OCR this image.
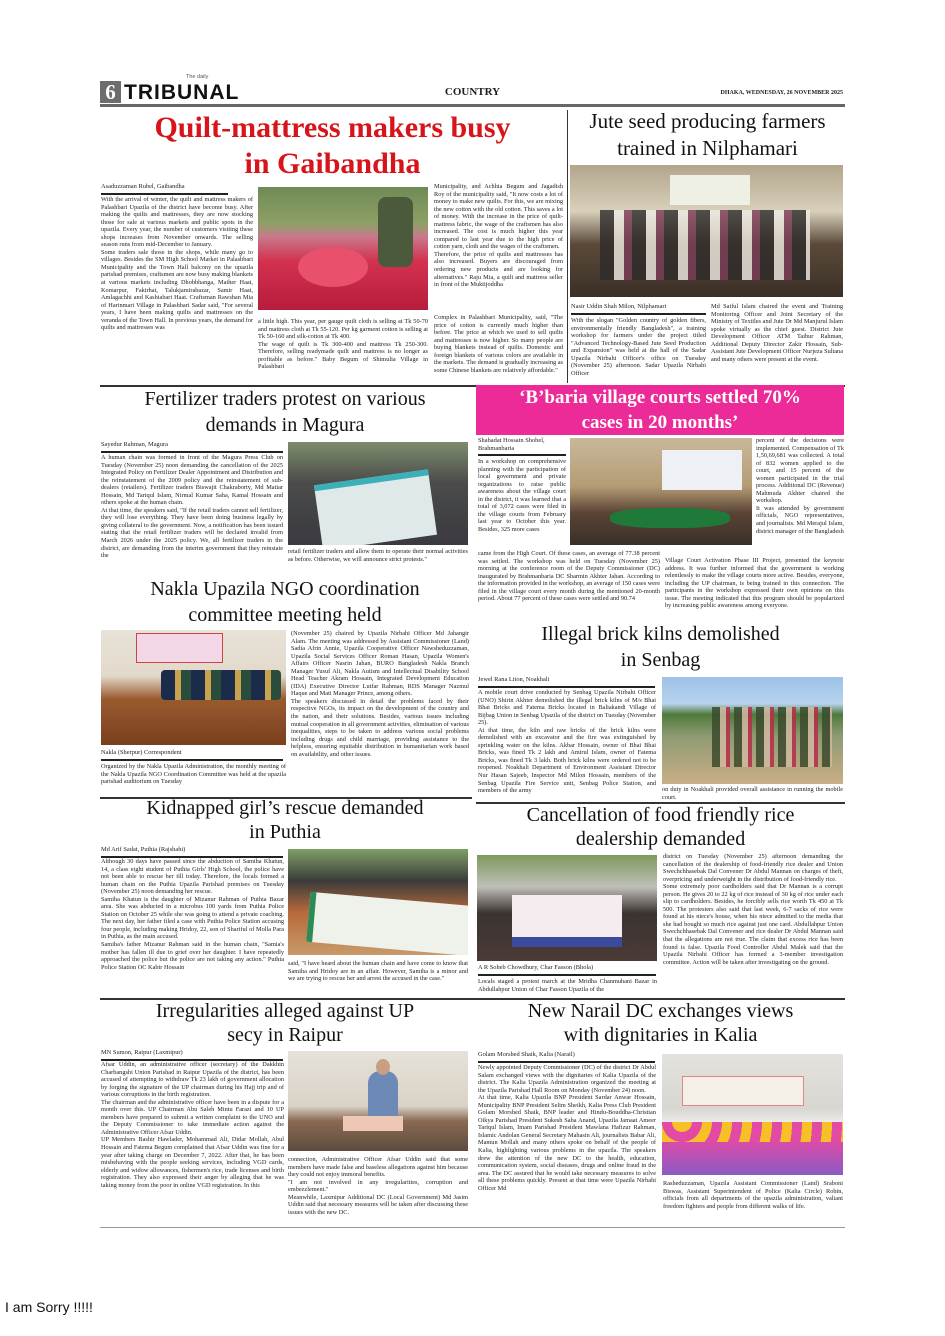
6
The daily
TRIBUNAL	COUNTRY	DHAKA, WEDNESDAY, 26 NOVEMBER 2025
Quilt-mattress makers busy
in Gaibandha
Asaduzzaman Rubel, Gaibandha
With the arrival of winter, the quilt and mattress makers of Palashbari Upazila of the district have become busy. After making the quilts and mattresses, they are now stocking those for sale at various markets and public spots in the upazila. Every year, the number of customers visiting these shops increases from November onwards. The selling season runs from mid-December to January.
Some traders sale those in the shops, while many go to villages. Besides the SM High School Market in Palashbari Municipality and the Town Hall balcony on the upazila parishad premises, craftsmen are now busy making blankets at various markets including Dhobbhanga, Mather Haat, Komarpur, Fakirhat, Talukjamirabazar, Samir Haat, Amlagachhi and Kashiabari Haat. Craftsman Rawshan Mia of Harinmari Village in Palashbari Sadar said, "For several years, I have been making quilts and mattresses on the veranda of the Town Hall. In previous years, the demand for quilts and mattresses was
Municipality, and Achhia Begum and Jagadish Roy of the municipality said, "It now costs a lot of money to make new quilts. For this, we are mixing the new cotton with the old cotton. This saves a lot of money. With the increase in the price of quilt-mattress fabric, the wage of the craftsmen has also increased. The cost is much higher this year compared to last year due to the high price of cotton yarn, cloth and the wages of the craftsmen.
Therefore, the price of quilts and mattresses has also increased. Buyers are discouraged from ordering new products and are looking for alternatives." Raju Mia, a quilt and mattress seller in front of the Muktijoddha
a little high. This year, per gauge quilt cloth is selling at Tk 50-70 and mattress cloth at Tk 55-120. Per kg garment cotton is selling at Tk 50-160 and silk-cotton at Tk 400.
The wage of quilt is Tk 300-400 and mattress Tk 250-300. Therefore, selling readymade quilt and mattress is no longer as profitable as before." Baby Begum of Shimulia Village in Palashbari
Complex in Palashbari Municipality, said, "The price of cotton is currently much higher than before. The price at which we used to sell quilts and mattresses is now higher. So many people are buying blankets instead of quilts. Domestic and foreign blankets of various colors are available in the markets. The demand is gradually increasing as some Chinese blankets are relatively affordable."
Jute seed producing farmers
trained in Nilphamari
Nasir Uddin Shah Milon, Nilphamari
With the slogan "Golden country of golden fibers, environmentally friendly Bangladesh", a training workshop for farmers under the project titled "Advanced Technology-Based Jute Seed Production and Expansion" was held at the hall of the Sadar Upazila Nirbahi Officer's office on Tuesday (November 25) afternoon. Sadar Upazila Nirbahi Officer
Md Saiful Islam chaired the event and Training Monitoring Officer and Joint Secretary of the Ministry of Textiles and Jute Dr Md Manjurul Islam spoke virtually as the chief guest. District Jute Development Officer ATM Taibur Rahman, Additional Deputy Director Zakir Hossain, Sub-Assistant Jute Development Officer Nurjeza Sultana and many others were present at the event.
Fertilizer traders protest on various
demands in Magura
Sayedur Rahman, Magura
A human chain was formed in front of the Magura Press Club on Tuesday (November 25) noon demanding the cancellation of the 2025 Integrated Policy on Fertilizer Dealer Appointment and Distribution and the reinstatement of the 2009 policy and the reinstatement of sub-dealers (retailers). Fertilizer traders Biswajit Chakraborty, Md Matiar Hossain, Md Tariqul Islam, Nirmal Kumar Saha, Kamal Hossain and others spoke at the human chain.
At that time, the speakers said, "If the retail traders cannot sell fertilizer, they will lose everything. They have been doing business legally by giving collateral to the government. Now, a notification has been issued stating that the retail fertilizer traders will be declared invalid from March 2026 under the 2025 policy. We, all fertilizer traders in the district, are demanding from the interim government that they reinstate the
retail fertilizer traders and allow them to operate their normal activities as before. Otherwise, we will announce strict protests."
‘B’baria village courts settled 70%
cases in 20 months’
Shahadat Hossain Shohel,
Brahmanbaria
In a workshop on comprehensive planning with the participation of local government and private organizations to raise public awareness about the village court in the district, it was learned that a total of 3,072 cases were filed in the village courts from February last year to October this year. Besides, 325 more cases
percent of the decisions were implemented. Compensation of Tk 1,50,69,681 was collected. A total of 832 women applied to the court, and 15 percent of the women participated in the trial process. Additional DC (Revenue) Mahmuda Akhter chaired the workshop.
It was attended by government officials, NGO representatives, and journalists. Md Merajul Islam, district manager of the Bangladesh
came from the High Court. Of these cases, an average of 77.38 percent was settled. The workshop was held on Tuesday (November 25) morning at the conference room of the Deputy Commissioner (DC) inaugurated by Brahmanbaria DC Sharmin Akhter Jahan. According to the information provided in the workshop, an average of 150 cases were filed in the village court every month during the mentioned 20-month period. About 77 percent of these cases were settled and 90.74
Village Court Activation Phase III Project, presented the keynote address. It was further informed that the government is working relentlessly to make the village courts more active. Besides, everyone, including the UP chairman, is being trained in this connection. The participants in the workshop expressed their own opinions on this issue. The meeting indicated that this program should be popularized by increasing public awareness among everyone.
Nakla Upazila NGO coordination
committee meeting held
Nakla (Sherpur) Correspondent
Organized by the Nakla Upazila Administration, the monthly meeting of the Nakla Upazila NGO Coordination Committee was held at the upazila parishad auditorium on Tuesday
(November 25) chaired by Upazila Nirbahi Officer Md Jahangir Alam. The meeting was addressed by Assistant Commissioner (Land) Sadia Afrin Annie, Upazila Cooperative Officer Nawsheduzzaman, Upazila Social Services Officer Roman Hasan, Upazila Women's Affairs Officer Nasrin Jahan, BURO Bangladesh Nakla Branch Manager Yusuf Ali, Nakla Autism and Intellectual Disability School Head Teacher Akram Hossain, Integrated Development Education (IDA) Executive Director Lutfar Rahman, RDS Manager Nazmul Haque and Mati Manager Prince, among others.
The speakers discussed in detail the problems faced by their respective NGOs, its impact on the development of the country and the nation, and their solutions. Besides, various issues including mutual cooperation in all government activities, elimination of various inequalities, steps to be taken to address various social problems including drugs and child marriage, providing assistance to the helpless, ensuring equitable distribution in humanitarian work based on availability, and other issues.
Illegal brick kilns demolished
in Senbag
Jewel Rana Liton, Noakhali
A mobile court drive conducted by Senbag Upazila Nirbahi Officer (UNO) Shirin Akhter demolished the illegal brick kilns of M/s Bhai Bhai Bricks and Fatema Bricks located in Baliakandi Village of Bijbag Union in Senbag Upazila of the district on Tuesday (November 25).
At that time, the kiln and raw bricks of the brick kilns were demolished with an excavator and the fire was extinguished by sprinkling water on the kilns. Akbar Hossain, owner of Bhai Bhai Bricks, was fined Tk 2 lakh and Amirul Islam, owner of Fatema Bricks, was fined Tk 3 lakh. Both brick kilns were ordered not to be reopened. Noakhali Department of Environment Assistant Director Nur Hasan Sajeeb, Inspector Md Milon Hossain, members of the Senbag Upazila Fire Service unit, Senbag Police Station, and members of the army	on duty in Noakhali provided overall assistance in running the mobile court.
Kidnapped girl’s rescue demanded
in Puthia
Md Arif Sadat, Puthia (Rajshahi)
Although 30 days have passed since the abduction of Samiha Khatun, 14, a class eight student of Puthia Girls' High School, the police have not been able to rescue her till today. Therefore, the locals formed a human chain on the Puthia Upazila Parishad premises on Tuesday (November 25) noon demanding her rescue.
Samiha Khatun is the daughter of Mizanur Rahman of Puthia Bazar area. She was abducted in a microbus 100 yards from Puthia Police Station on October 25 while she was going to attend a private coaching. The next day, her father filed a case with Puthia Police Station accusing four people, including making Hridoy, 22, son of Shariful of Molla Para in Puthia, as the main accused.
Samiha's father Mizanur Rahman said in the human chain, "Samia's mother has fallen ill due to grief over her daughter. I have repeatedly approached the police but the police are not taking any action." Puthia Police Station OC Kabir Hossain
said, "I have heard about the human chain and have come to know that Samiha and Hridoy are in an affair. However, Samiha is a minor and we are trying to rescue her and arrest the accused in the case."
Cancellation of food friendly rice
dealership demanded
A R Soheb Chowdhury, Char Fasson (Bhola)
Locals staged a protest march at the Mridha Chanmuhani Bazar in Abdullahpur Union of Char Fasson Upazila of the
district on Tuesday (November 25) afternoon demanding the cancellation of the dealership of food-friendly rice dealer and Union Swechchhasebak Dal Convener Dr Abdul Mannan on charges of theft, overpricing and underweight in the distribution of food-friendly rice.
Some extremely poor cardholders said that Dr Mannan is a corrupt person. He gives 20 to 22 kg of rice instead of 30 kg of rice under each slip to cardholders. Besides, he forcibly sells rice worth Tk 450 at Tk 500. The protesters also said that last week, 6-7 sacks of rice were found at his niece's house, when his niece admitted to the media that she had bought so much rice against just one card. Abdullahpur Union Swechchhasebak Dal Convener and rice dealer Dr Abdul Mannan said that the allegations are not true. The claim that excess rice has been found is false. Upazila Food Controller Abdul Malek said that the Upazila Nirbahi Officer has formed a 3-member investigation committee. Action will be taken after investigating on the ground.
Irregularities alleged against UP
secy in Raipur
MN Sumon, Raipur (Laxmipur)
Afsar Uddin, an administrative officer (secretary) of the Dakkhin Charbangshi Union Parishad in Raipur Upazila of the district, has been accused of attempting to withdraw Tk 23 lakh of government allocation by forging the signature of the UP chairman during his Hajj trip and of various corruptions in the birth registration.
The chairman and the administrative officer have been in a dispute for a month over this. UP Chairman Abu Saleh Mintu Farazi and 10 UP members have prepared to submit a written complaint to the UNO and the Deputy Commissioner to take immediate action against the Administrative Officer Afsar Uddin.
UP Members Bashir Hawlader, Mohammad Ali, Didar Mollah, Abul Hossain and Fatema Begum complained that Afsar Uddin was fine for a year after taking charge on December 7, 2022. After that, he has been misbehaving with the people seeking services, including VGD cards, elderly and widow allowances, fishermen's rice, trade licenses and birth registration. They also expressed their anger by alleging that he was taking money from the poor in online VGD registration. In this
connection, Administrative Officer Afsar Uddin said that some members have made false and baseless allegations against him because they could not enjoy immoral benefits.
"I am not involved in any irregularities, corruption and embezzlement."
Meanwhile, Laxmipur Additional DC (Local Government) Md Jasim Uddin said that necessary measures will be taken after discussing these issues with the new DC.
New Narail DC exchanges views
with dignitaries in Kalia
Golam Morshed Shaik, Kalia (Narail)
Newly appointed Deputy Commissioner (DC) of the district Dr Abdul Salam exchanged views with the dignitaries of Kalia Upazila of the district. The Kalia Upazila Administration organized the meeting at the Upazila Parishad Hall Room on Monday (November 24) noon.
At that time, Kalia Upazila BNP President Sardar Anwar Hossain, Municipality BNP President Selim Sheikh, Kalia Press Club President Golam Morshed Shaik, BNP leader and Hindu-Bouddha-Christian Oikya Parishad President Sukesh Saha Anand, Upazila Jamaat Ameer Tariqul Islam, Imam Parishad President Mawlana Hafizur Rahman, Islamic Andolan General Secretary Mahasin Ali, journalists Babar Ali, Mamun Mollah and many others spoke on behalf of the people of Kalia, highlighting various problems in the upazila. The speakers drew the attention of the new DC to the health, education, communication system, social diseases, drugs and online fraud in the area. The DC assured that he would take necessary measures to solve all these problems quickly. Present at that time were Upazila Nirbahi Officer Md
Rasheduzzaman, Upazila Assistant Commissioner (Land) Sraboni Biswas, Assistant Superintendent of Police (Kalia Circle) Robin, officials from all departments of the upazila administration, valiant freedom fighters and people from different walks of life.
I am Sorry !!!!!
